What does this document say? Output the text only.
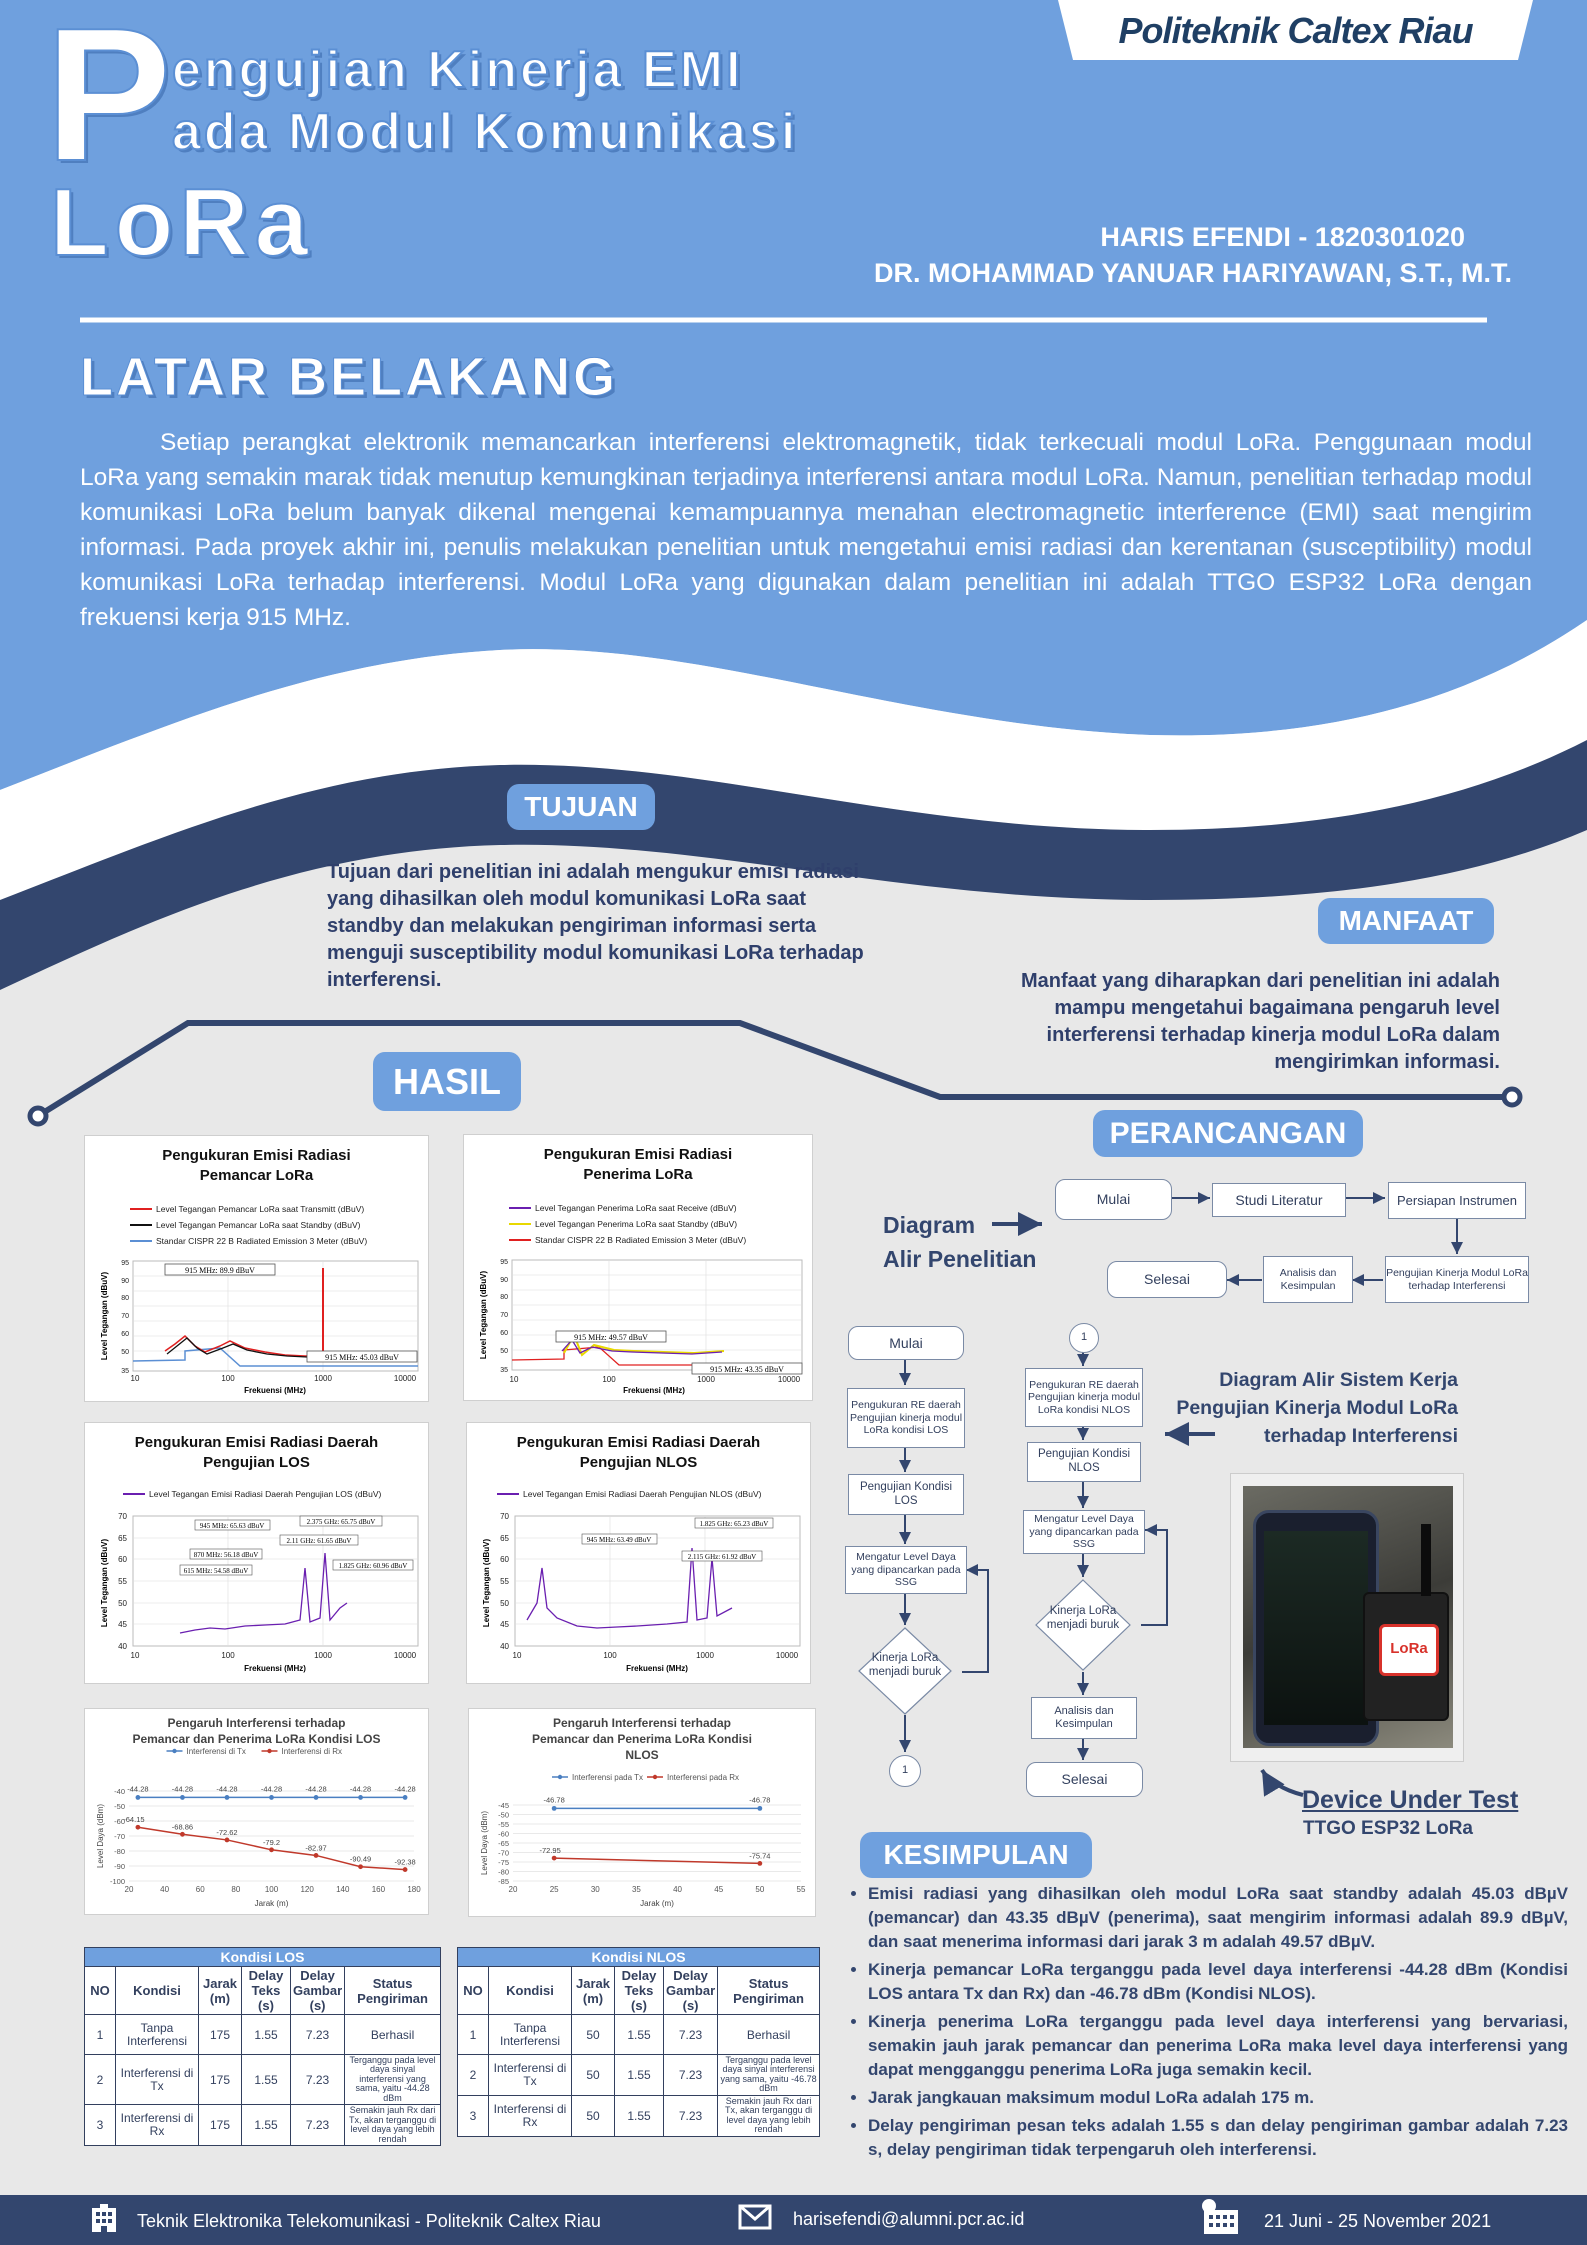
Politeknik Caltex Riau
P
engujian Kinerja EMI
ada Modul Komunikasi
LoRa	HARIS EFENDI - 1820301020
DR. MOHAMMAD YANUAR HARIYAWAN, S.T., M.T.
LATAR BELAKANG
Setiap perangkat elektronik memancarkan interferensi elektromagnetik, tidak terkecuali modul LoRa. Penggunaan modul LoRa yang semakin marak tidak menutup kemungkinan terjadinya interferensi antara modul LoRa. Namun, penelitian terhadap modul komunikasi LoRa belum banyak dikenal mengenai kemampuannya menahan electromagnetic interference (EMI) saat mengirim informasi. Pada proyek akhir ini, penulis melakukan penelitian untuk mengetahui emisi radiasi dan kerentanan (susceptibility) modul komunikasi LoRa terhadap interferensi. Modul LoRa yang digunakan dalam penelitian ini adalah TTGO ESP32 LoRa dengan frekuensi kerja 915 MHz.
TUJUAN
Tujuan dari penelitian ini adalah mengukur emisi radiasi yang dihasilkan oleh modul komunikasi LoRa saat standby dan melakukan pengiriman informasi serta menguji susceptibility modul komunikasi LoRa terhadap interferensi.
MANFAAT
Manfaat yang diharapkan dari penelitian ini adalah mampu mengetahui bagaimana pengaruh level interferensi terhadap kinerja modul LoRa dalam mengirimkan informasi.
HASIL
Pengukuran Emisi Radiasi
Pemancar LoRa
Level Tegangan Pemancar LoRa saat Transmitt (dBuV)
Level Tegangan Pemancar LoRa saat Standby (dBuV)
Standar CISPR 22 B Radiated Emission 3 Meter (dBuV)
915 MHz: 89.9 dBuV
915 MHz: 45.03 dBuV
95
90
80
70
60
50
35
10	100	1000	10000
Frekuensi (MHz)
Level Tegangan (dBuV)
Pengukuran Emisi Radiasi
Penerima LoRa
Level Tegangan Penerima LoRa saat Receive (dBuV)
Level Tegangan Penerima LoRa saat Standby (dBuV)
Standar CISPR 22 B Radiated Emission 3 Meter (dBuV)
915 MHz: 49.57 dBuV
915 MHz: 43.35 dBuV
95
90
80
70
60
50
35
10	100	1000	10000
Frekuensi (MHz)
Level Tegangan (dBuV)
Pengukuran Emisi Radiasi Daerah
Pengujian LOS
Level Tegangan Emisi Radiasi Daerah Pengujian LOS (dBuV)
945 MHz: 65.63 dBuV	2.375 GHz: 65.75 dBuV
2.11 GHz: 61.65 dBuV
870 MHz: 56.18 dBuV
1.825 GHz: 60.96 dBuV
615 MHz: 54.58 dBuV
70
65
60
55
50
45
40
10	100	1000	10000
Frekuensi (MHz)
Level Tegangan (dBuV)
Pengukuran Emisi Radiasi Daerah
Pengujian NLOS
Level Tegangan Emisi Radiasi Daerah Pengujian NLOS (dBuV)
1.825 GHz: 65.23 dBuV
945 MHz: 63.49 dBuV
2.115 GHz: 61.92 dBuV
70
65
60
55
50
45
40
10	100	1000	10000
Frekuensi (MHz)
Level Tegangan (dBuV)
Pengaruh Interferensi terhadap
Pemancar dan Penerima LoRa Kondisi LOS
Interferensi di Tx	Interferensi di Rx
-40
-50
-60
-70
-80
-90
-100
20	40	60	80	100	120	140	160	180
Jarak (m)
Level Daya (dBm)
-44.28	-44.28	-44.28	-44.28	-44.28	-44.28	-44.28
-64.15
-68.86
-72.62
-79.2
-82.97
-90.49	-92.38
Pengaruh Interferensi terhadap
Pemancar dan Penerima LoRa Kondisi
NLOS
Interferensi pada Tx	Interferensi pada Rx
-45
-50
-55
-60
-65
-70
-75
-80
-85
20	25	30	35	40	45	50	55
Jarak (m)
Level Daya (dBm)
-46.78	-46.78
-72.95
-75.74
Kondisi LOS					
NO	Kondisi	Jarak (m)	Delay Teks (s)	Delay Gambar (s)	Status Pengiriman
1	Tanpa Interferensi	175	1.55	7.23	Berhasil
2	Interferensi di Tx	175	1.55	7.23	Terganggu pada level daya sinyal interferensi yang sama, yaitu -44.28 dBm
3	Interferensi di Rx	175	1.55	7.23	Semakin jauh Rx dari Tx, akan terganggu di level daya yang lebih rendah
Kondisi NLOS					
NO	Kondisi	Jarak (m)	Delay Teks (s)	Delay Gambar (s)	Status Pengiriman
1	Tanpa Interferensi	50	1.55	7.23	Berhasil
2	Interferensi di Tx	50	1.55	7.23	Terganggu pada level daya sinyal interferensi yang sama, yaitu -46.78 dBm
3	Interferensi di Rx	50	1.55	7.23	Semakin jauh Rx dari Tx, akan terganggu di level daya yang lebih rendah
PERANCANGAN
Diagram
Alir Penelitian
Mulai	Studi Literatur	Persiapan Instrumen
Pengujian Kinerja Modul LoRa terhadap Interferensi
Analisis dan Kesimpulan
Selesai
Mulai
Pengukuran RE daerah Pengujian kinerja modul LoRa kondisi LOS
Pengujian Kondisi LOS
Mengatur Level Daya yang dipancarkan pada SSG
Kinerja LoRa menjadi buruk
1
1
Pengukuran RE daerah Pengujian kinerja modul LoRa kondisi NLOS
Pengujian Kondisi NLOS
Mengatur Level Daya yang dipancarkan pada SSG
Kinerja LoRa menjadi buruk
Analisis dan Kesimpulan
Selesai
Diagram Alir Sistem Kerja
Pengujian Kinerja Modul LoRa
terhadap Interferensi
LoRa
Device Under Test
TTGO ESP32 LoRa
KESIMPULAN
• Emisi radiasi yang dihasilkan oleh modul LoRa saat standby adalah 45.03 dBµV (pemancar) dan 43.35 dBµV (penerima), saat mengirim informasi adalah 89.9 dBµV, dan saat menerima informasi dari jarak 3 m adalah 49.57 dBµV.
• Kinerja pemancar LoRa terganggu pada level daya interferensi -44.28 dBm (Kondisi LOS antara Tx dan Rx) dan -46.78 dBm (Kondisi NLOS).
• Kinerja penerima LoRa terganggu pada level daya interferensi yang bervariasi, semakin jauh jarak pemancar dan penerima LoRa maka level daya interferensi yang dapat mengganggu penerima LoRa juga semakin kecil.
• Jarak jangkauan maksimum modul LoRa adalah 175 m.
• Delay pengiriman pesan teks adalah 1.55 s dan delay pengiriman gambar adalah 7.23 s, delay pengiriman tidak terpengaruh oleh interferensi.
Teknik Elektronika Telekomunikasi - Politeknik Caltex Riau	harisefendi@alumni.pcr.ac.id	21 Juni - 25 November 2021
